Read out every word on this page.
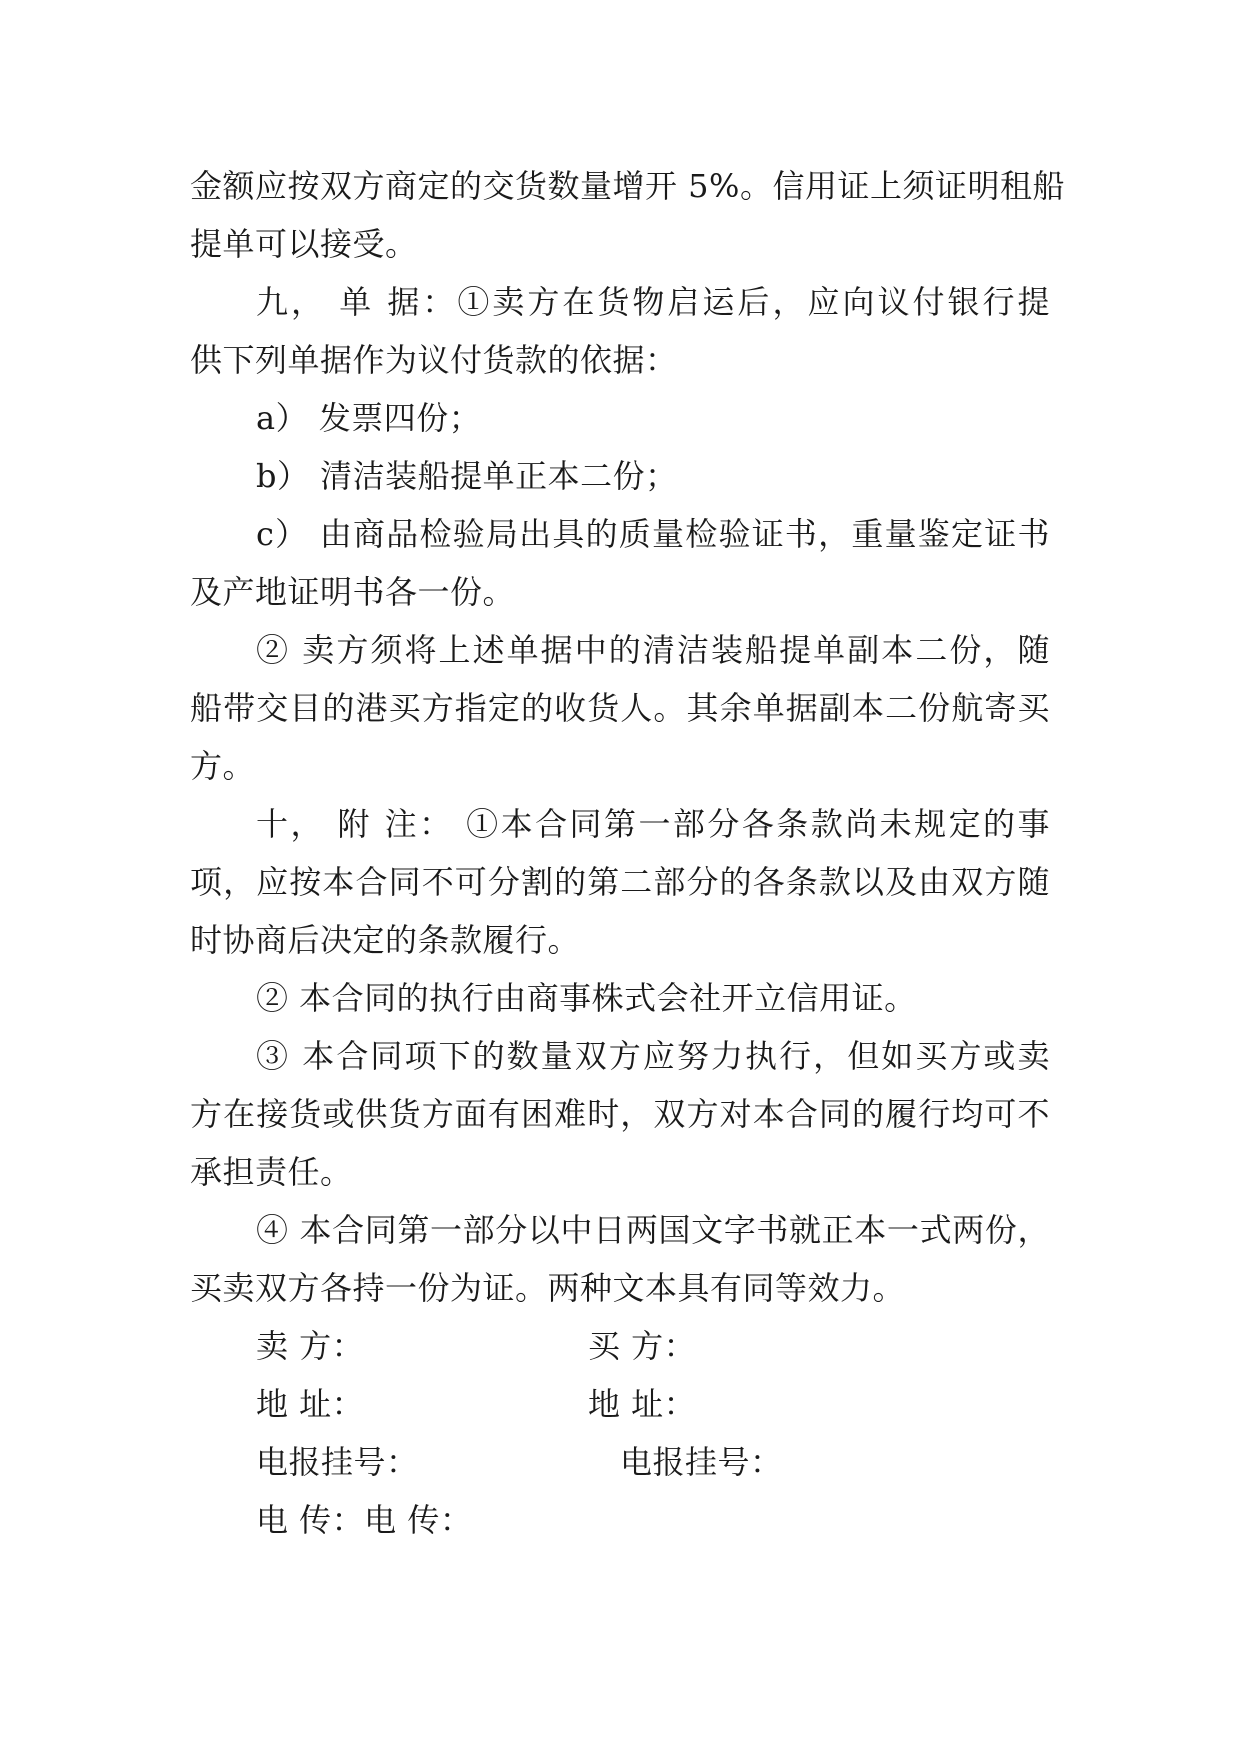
金额应按双方商定的交货数量增开 5%。信用证上须证明租船
提单可以接受。
九， 单 据：①卖方在货物启运后，应向议付银行提
供下列单据作为议付货款的依据：
a） 发票四份；
b） 清洁装船提单正本二份；
c） 由商品检验局出具的质量检验证书，重量鉴定证书
及产地证明书各一份。
② 卖方须将上述单据中的清洁装船提单副本二份，随
船带交目的港买方指定的收货人。其余单据副本二份航寄买
方。
十， 附 注： ①本合同第一部分各条款尚未规定的事
项，应按本合同不可分割的第二部分的各条款以及由双方随
时协商后决定的条款履行。
② 本合同的执行由商事株式会社开立信用证。
③ 本合同项下的数量双方应努力执行，但如买方或卖
方在接货或供货方面有困难时，双方对本合同的履行均可不
承担责任。
④ 本合同第一部分以中日两国文字书就正本一式两份，
买卖双方各持一份为证。两种文本具有同等效力。
卖 方：	买 方：
地 址：	地 址：
电报挂号：	电报挂号：
电 传：电 传：
